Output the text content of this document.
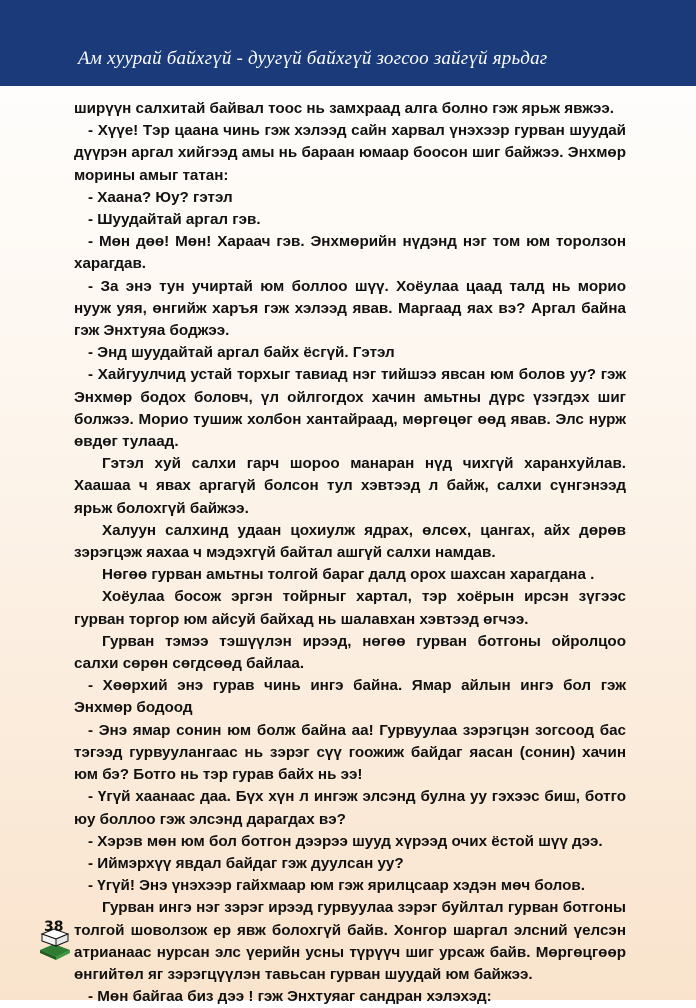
Ам хуурай байхгүй - дуугүй байхгүй зогсоо зайгүй ярьдаг

ширүүн салхитай байвал тоос нь замхраад алга болно гэж ярьж явжээ.

- Хүүе! Тэр цаана чинь гэж хэлээд сайн харвал үнэхээр гурван шуудай дүүрэн аргал хийгээд амы нь бараан юмаар боосон шиг байжээ. Энхмөр морины амыг татан:

- Хаана? Юу? гэтэл

- Шуудайтай аргал гэв.

- Мөн дөө! Мөн! Хараач гэв. Энхмөрийн нүдэнд нэг том юм торолзон харагдав.

- За энэ тун учиртай юм боллоо шүү. Хоёулаа цаад талд нь морио нууж уяя, өнгийж харъя гэж хэлээд явав. Маргаад яах вэ? Аргал байна гэж Энхтуяа боджээ.

- Энд шуудайтай аргал байх ёсгүй. Гэтэл

- Хайгуулчид устай торхыг тавиад нэг тийшээ явсан юм болов уу? гэж Энхмөр бодох боловч, үл ойлгогдох хачин амьтны дүрс үзэгдэх шиг болжээ. Морио тушиж холбон хантайраад, мөргөцөг өөд явав. Элс нурж өвдөг тулаад.

Гэтэл хуй салхи гарч шороо манаран нүд чихгүй харанхуйлав. Хаашаа ч явах аргагүй болсон тул хэвтээд л байж, салхи сүнгэнээд ярьж болохгүй байжээ.

Халуун салхинд удаан цохиулж ядрах, өлсөх, цангах, айх дөрөв зэрэгцэж яахаа ч мэдэхгүй байтал ашгүй салхи намдав.

Нөгөө гурван амьтны толгой бараг далд орох шахсан харагдана .

Хоёулаа босож эргэн тойрныг хартал, тэр хоёрын ирсэн зүгээс гурван торгор юм айсуй байхад нь шалавхан хэвтээд өгчээ.

Гурван тэмээ тэшүүлэн ирээд, нөгөө гурван ботгоны ойролцоо салхи сөрөн сөгдсөөд байлаа.

- Хөөрхий энэ гурав чинь ингэ байна. Ямар айлын ингэ бол гэж Энхмөр бодоод

- Энэ ямар сонин юм болж байна аа! Гурвуулаа зэрэгцэн зогсоод бас тэгээд гурвуулангаас нь зэрэг сүү гоожиж байдаг яасан (сонин) хачин юм бэ? Ботго нь тэр гурав байх нь ээ!

- Үгүй хаанаас даа. Бүх хүн л ингэж элсэнд булна уу гэхээс биш, ботго юу боллоо гэж элсэнд дарагдах вэ?

- Хэрэв мөн юм бол ботгон дээрээ шууд хүрээд очих ёстой шүү дээ.

- Иймэрхүү явдал байдаг гэж дуулсан уу?

- Үгүй! Энэ үнэхээр гайхмаар юм гэж ярилцсаар хэдэн мөч болов.

Гурван ингэ нэг зэрэг ирээд гурвуулаа зэрэг буйлтал гурван ботгоны толгой шоволзож ер явж болохгүй байв. Хонгор шаргал элсний үелсэн атрианаас нурсан элс үерийн усны түрүүч шиг урсаж байв. Мөргөцгөөр өнгийтөл яг зэрэгцүүлэн тавьсан гурван шуудай юм байжээ.

- Мөн байгаа биз дээ ! гэж Энхтуяаг сандран хэлэхэд:

38
